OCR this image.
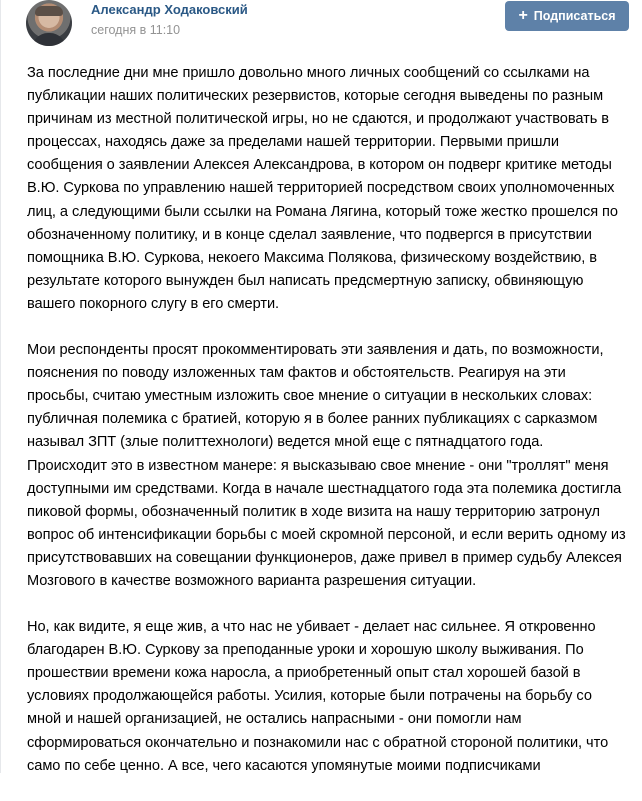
Александр Ходаковский
сегодня в 11:10
+ Подписаться

За последние дни мне пришло довольно много личных сообщений со ссылками на публикации наших политических резервистов, которые сегодня выведены по разным причинам из местной политической игры, но не сдаются, и продолжают участвовать в процессах, находясь даже за пределами нашей территории. Первыми пришли сообщения о заявлении Алексея Александрова, в котором он подверг критике методы В.Ю. Суркова по управлению нашей территорией посредством своих уполномоченных лиц, а следующими были ссылки на Романа Лягина, который тоже жестко прошелся по обозначенному политику, и в конце сделал заявление, что подвергся в присутствии помощника В.Ю. Суркова, некоего Максима Полякова, физическому воздействию, в результате которого вынужден был написать предсмертную записку, обвиняющую вашего покорного слугу в его смерти.

Мои респонденты просят прокомментировать эти заявления и дать, по возможности, пояснения по поводу изложенных там фактов и обстоятельств. Реагируя на эти просьбы, считаю уместным изложить свое мнение о ситуации в нескольких словах: публичная полемика с братией, которую я в более ранних публикациях с сарказмом называл ЗПТ (злые политтехнологи) ведется мной еще с пятнадцатого года. Происходит это в известном манере: я высказываю свое мнение - они "троллят" меня доступными им средствами. Когда в начале шестнадцатого года эта полемика достигла пиковой формы, обозначенный политик в ходе визита на нашу территорию затронул вопрос об интенсификации борьбы с моей скромной персоной, и если верить одному из присутствовавших на совещании функционеров, даже привел в пример судьбу Алексея Мозгового в качестве возможного варианта разрешения ситуации.

Но, как видите, я еще жив, а что нас не убивает - делает нас сильнее. Я откровенно благодарен В.Ю. Суркову за преподанные уроки и хорошую школу выживания. По прошествии времени кожа наросла, а приобретенный опыт стал хорошей базой в условиях продолжающейся работы. Усилия, которые были потрачены на борьбу со мной и нашей организацией, не остались напрасными - они помогли нам сформироваться окончательно и познакомили нас с обратной стороной политики, что само по себе ценно. А все, чего касаются упомянутые моими подписчиками
